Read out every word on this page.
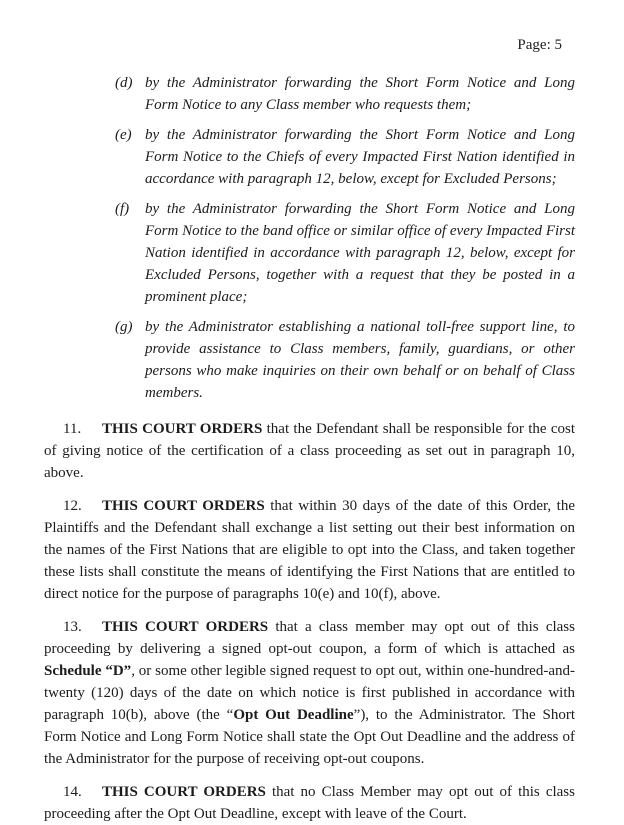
Page: 5
(d) by the Administrator forwarding the Short Form Notice and Long Form Notice to any Class member who requests them;
(e) by the Administrator forwarding the Short Form Notice and Long Form Notice to the Chiefs of every Impacted First Nation identified in accordance with paragraph 12, below, except for Excluded Persons;
(f) by the Administrator forwarding the Short Form Notice and Long Form Notice to the band office or similar office of every Impacted First Nation identified in accordance with paragraph 12, below, except for Excluded Persons, together with a request that they be posted in a prominent place;
(g) by the Administrator establishing a national toll-free support line, to provide assistance to Class members, family, guardians, or other persons who make inquiries on their own behalf or on behalf of Class members.

11. THIS COURT ORDERS that the Defendant shall be responsible for the cost of giving notice of the certification of a class proceeding as set out in paragraph 10, above.

12. THIS COURT ORDERS that within 30 days of the date of this Order, the Plaintiffs and the Defendant shall exchange a list setting out their best information on the names of the First Nations that are eligible to opt into the Class, and taken together these lists shall constitute the means of identifying the First Nations that are entitled to direct notice for the purpose of paragraphs 10(e) and 10(f), above.

13. THIS COURT ORDERS that a class member may opt out of this class proceeding by delivering a signed opt-out coupon, a form of which is attached as Schedule “D”, or some other legible signed request to opt out, within one-hundred-and-twenty (120) days of the date on which notice is first published in accordance with paragraph 10(b), above (the “Opt Out Deadline”), to the Administrator. The Short Form Notice and Long Form Notice shall state the Opt Out Deadline and the address of the Administrator for the purpose of receiving opt-out coupons.

14. THIS COURT ORDERS that no Class Member may opt out of this class proceeding after the Opt Out Deadline, except with leave of the Court.
